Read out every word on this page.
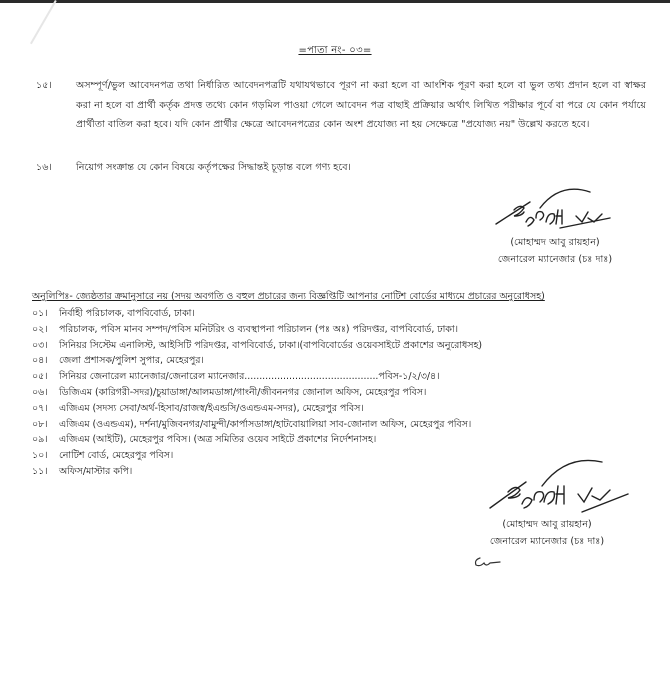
=পাতা নং- ০৩=
১৫।	অসম্পূর্ণ/ভুল আবেদনপত্র তথা নির্ধারিত আবেদনপত্রটি যথাযথভাবে পূরণ না করা হলে বা আংশিক পূরণ করা হলে বা ভুল তথ্য প্রদান হলে বা স্বাক্ষর করা না হলে বা প্রার্থী কর্তৃক প্রদত্ত তথ্যে কোন গড়মিল পাওয়া গেলে আবেদন পত্র বাছাই প্রক্রিয়ার অর্থাৎ লিখিত পরীক্ষার পূর্বে বা পরে যে কোন পর্যায়ে প্রার্থীতা বাতিল করা হবে। যদি কোন প্রার্থীর ক্ষেত্রে আবেদনপত্রের কোন অংশ প্রযোজ্য না হয় সেক্ষেত্রে "প্রযোজ্য নয়" উল্লেখ করতে হবে।
১৬।	নিয়োগ সংক্রান্ত যে কোন বিষয়ে কর্তৃপক্ষের সিদ্ধান্তই চূড়ান্ত বলে গণ্য হবে।
(মোহাম্মদ আবু রায়হান)
জেনারেল ম্যানেজার (চঃ দাঃ)
অনুলিপিঃ- জ্যেষ্ঠতার ক্রমানুসারে নয় (সদয় অবগতি ও বহুল প্রচারের জন্য বিজ্ঞপ্তিটি আপনার নোটিশ বোর্ডের মাধ্যমে প্রচারের অনুরোধসহ)
০১। নির্বাহী পরিচালক, বাপবিবোর্ড, ঢাকা।
০২। পরিচালক, পবিস মানব সম্পদ/পবিস মনিটরিং ও ব্যবস্থাপনা পরিচালন (পঃ অঃ) পরিদপ্তর, বাপবিবোর্ড, ঢাকা।
০৩। সিনিয়র সিস্টেম এনালিস্ট, আইসিটি পরিদপ্তর, বাপবিবোর্ড, ঢাকা।(বাপবিবোর্ডের ওয়েবসাইটে প্রকাশের অনুরোধসহ)
০৪। জেলা প্রশাসক/পুলিশ সুপার, মেহেরপুর।
০৫। সিনিয়র জেনারেল ম্যানেজার/জেনারেল ম্যানেজার.............................................পবিস-১/২/৩/৪।
০৬। ডিজিএম (কারিগরী-সদর)/চুয়াডাঙ্গা/আলমডাঙ্গা/গাংনী/জীবননগর জোনাল অফিস, মেহেরপুর পবিস।
০৭। এজিএম (সদস্য সেবা/অর্থ-হিসাব/রাজস্ব/ইএন্ডসি/ওএন্ডএম-সদর), মেহেরপুর পবিস।
০৮। এজিএম (ওএন্ডএম), দর্শনা/মুজিবনগর/বামুন্দী/কার্পাসডাঙ্গা/হাটবোয়ালিয়া সাব-জোনাল অফিস, মেহেরপুর পবিস।
০৯। এজিএম (আইটি), মেহেরপুর পবিস। (অত্র সমিতির ওয়েব সাইটে প্রকাশের নির্দেশনাসহ।
১০। নোটিশ বোর্ড, মেহেরপুর পবিস।
১১। অফিস/মাস্টার কপি।
(মোহাম্মদ আবু রায়হান)
জেনারেল ম্যানেজার (চঃ দাঃ)
